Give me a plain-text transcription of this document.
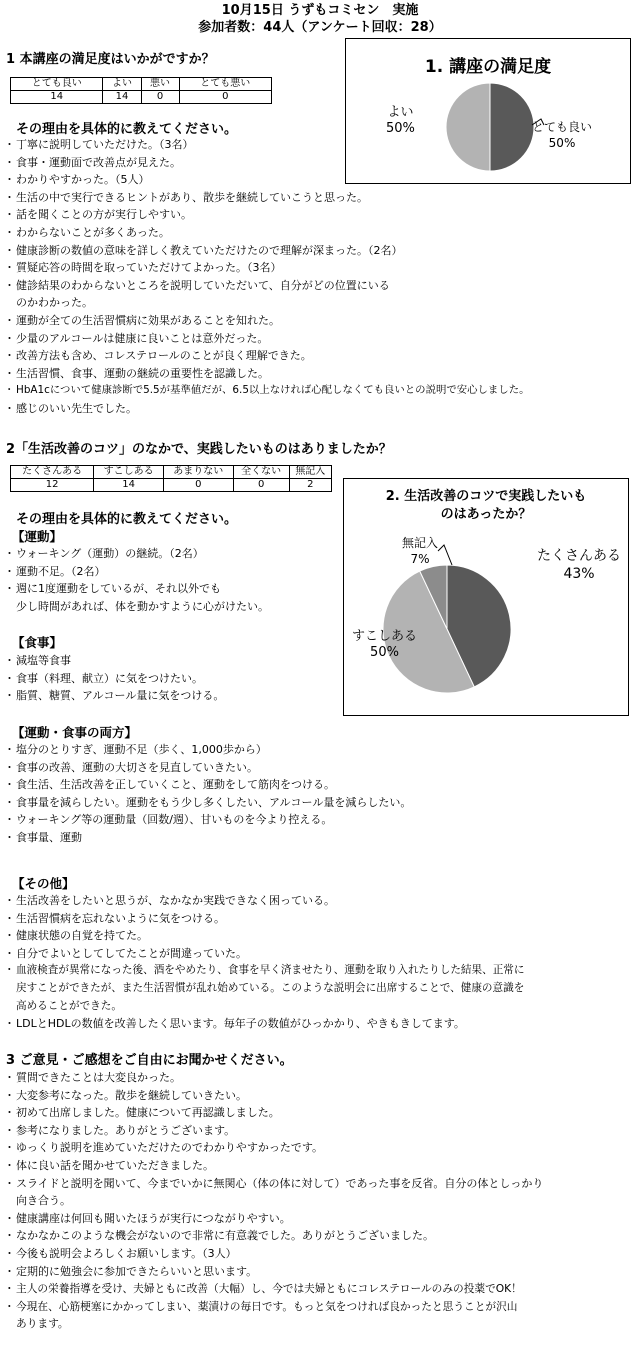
10月15日 うずもコミセン　実施
参加者数：44人（アンケート回収：28）
1 本講座の満足度はいかがですか？
とても良い	よい	悪い	とても悪い
14	14	0	0
その理由を具体的に教えてください。
・ 丁寧に説明していただけた。（3名）
・ 食事・運動面で改善点が見えた。
・ わかりやすかった。（5人）
・ 生活の中で実行できるヒントがあり、散歩を継続していこうと思った。
・ 話を聞くことの方が実行しやすい。
・ わからないことが多くあった。
・ 健康診断の数値の意味を詳しく教えていただけたので理解が深まった。（2名）
・ 質疑応答の時間を取っていただけてよかった。（3名）
・ 健診結果のわからないところを説明していただいて、自分がどの位置にいる
のかわかった。
・ 運動が全ての生活習慣病に効果があることを知れた。
・ 少量のアルコールは健康に良いことは意外だった。
・ 改善方法も含め、コレステロールのことが良く理解できた。
・ 生活習慣、食事、運動の継続の重要性を認識した。
・ HbA1cについて健康診断で5.5が基準値だが、6.5以上なければ心配しなくても良いとの説明で安心しました。
・ 感じのいい先生でした。
1. 講座の満足度
とても良い
50%
よい
50%
2「生活改善のコツ」のなかで、実践したいものはありましたか？
たくさんある	すこしある	あまりない	全くない	無記入
12	14	0	0	2
その理由を具体的に教えてください。
【運動】
・ ウォーキング（運動）の継続。（2名）
・ 運動不足。（2名）
・ 週に1度運動をしているが、それ以外でも
少し時間があれば、体を動かすように心がけたい。
【食事】
・ 減塩等食事
・ 食事（料理、献立）に気をつけたい。
・ 脂質、糖質、アルコール量に気をつける。
【運動・食事の両方】
・ 塩分のとりすぎ、運動不足（歩く、1,000歩から）
・ 食事の改善、運動の大切さを見直していきたい。
・ 食生活、生活改善を正していくこと、運動をして筋肉をつける。
・ 食事量を減らしたい。運動をもう少し多くしたい、アルコール量を減らしたい。
・ ウォーキング等の運動量（回数/週）、甘いものを今より控える。
・ 食事量、運動
【その他】
・ 生活改善をしたいと思うが、なかなか実践できなく困っている。
・ 生活習慣病を忘れないように気をつける。
・ 健康状態の自覚を持てた。
・ 自分でよいとしてしてたことが間違っていた。
・ 血液検査が異常になった後、酒をやめたり、食事を早く済ませたり、運動を取り入れたりした結果、正常に
戻すことができたが、また生活習慣が乱れ始めている。このような説明会に出席することで、健康の意識を
高めることができた。
・ LDLとHDLの数値を改善したく思います。毎年子の数値がひっかかり、やきもきしてます。
2. 生活改善のコツで実践したいも
のはあったか？
たくさんある
43%
すこしある
50%
無記入
7%
3 ご意見・ご感想をご自由にお聞かせください。
・ 質問できたことは大変良かった。
・ 大変参考になった。散歩を継続していきたい。
・ 初めて出席しました。健康について再認識しました。
・ 参考になりました。ありがとうございます。
・ ゆっくり説明を進めていただけたのでわかりやすかったです。
・ 体に良い話を聞かせていただきました。
・ スライドと説明を聞いて、今までいかに無関心（体の体に対して）であった事を反省。自分の体としっかり
向き合う。
・ 健康講座は何回も聞いたほうが実行につながりやすい。
・ なかなかこのような機会がないので非常に有意義でした。ありがとうございました。
・ 今後も説明会よろしくお願いします。（3人）
・ 定期的に勉強会に参加できたらいいと思います。
・ 主人の栄養指導を受け、夫婦ともに改善（大幅）し、今では夫婦ともにコレステロールのみの投薬でOK！
・ 今現在、心筋梗塞にかかってしまい、薬漬けの毎日です。もっと気をつければ良かったと思うことが沢山
あります。
